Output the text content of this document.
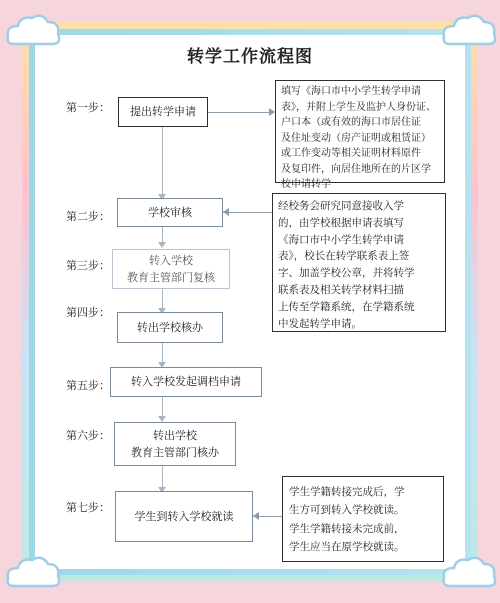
转学工作流程图
第一步：
第二步：
第三步：
第四步：
第五步：
第六步：
第七步：
提出转学申请
学校审核
转入学校
教育主管部门复核
转出学校核办
转入学校发起调档申请
转出学校
教育主管部门核办
学生到转入学校就读
填写《海口市中小学生转学申请
表》，并附上学生及监护人身份证、
户口本（或有效的海口市居住证
及住址变动（房产证明或租赁证）
或工作变动等相关证明材料原件
及复印件，向居住地所在的片区学
校申请转学
经校务会研究同意接收入学
的，由学校根据申请表填写
《海口市中小学生转学申请
表》，校长在转学联系表上签
字、加盖学校公章，并将转学
联系表及相关转学材料扫描
上传至学籍系统，在学籍系统
中发起转学申请。
学生学籍转接完成后，学
生方可到转入学校就读。
学生学籍转接未完成前，
学生应当在原学校就读。
